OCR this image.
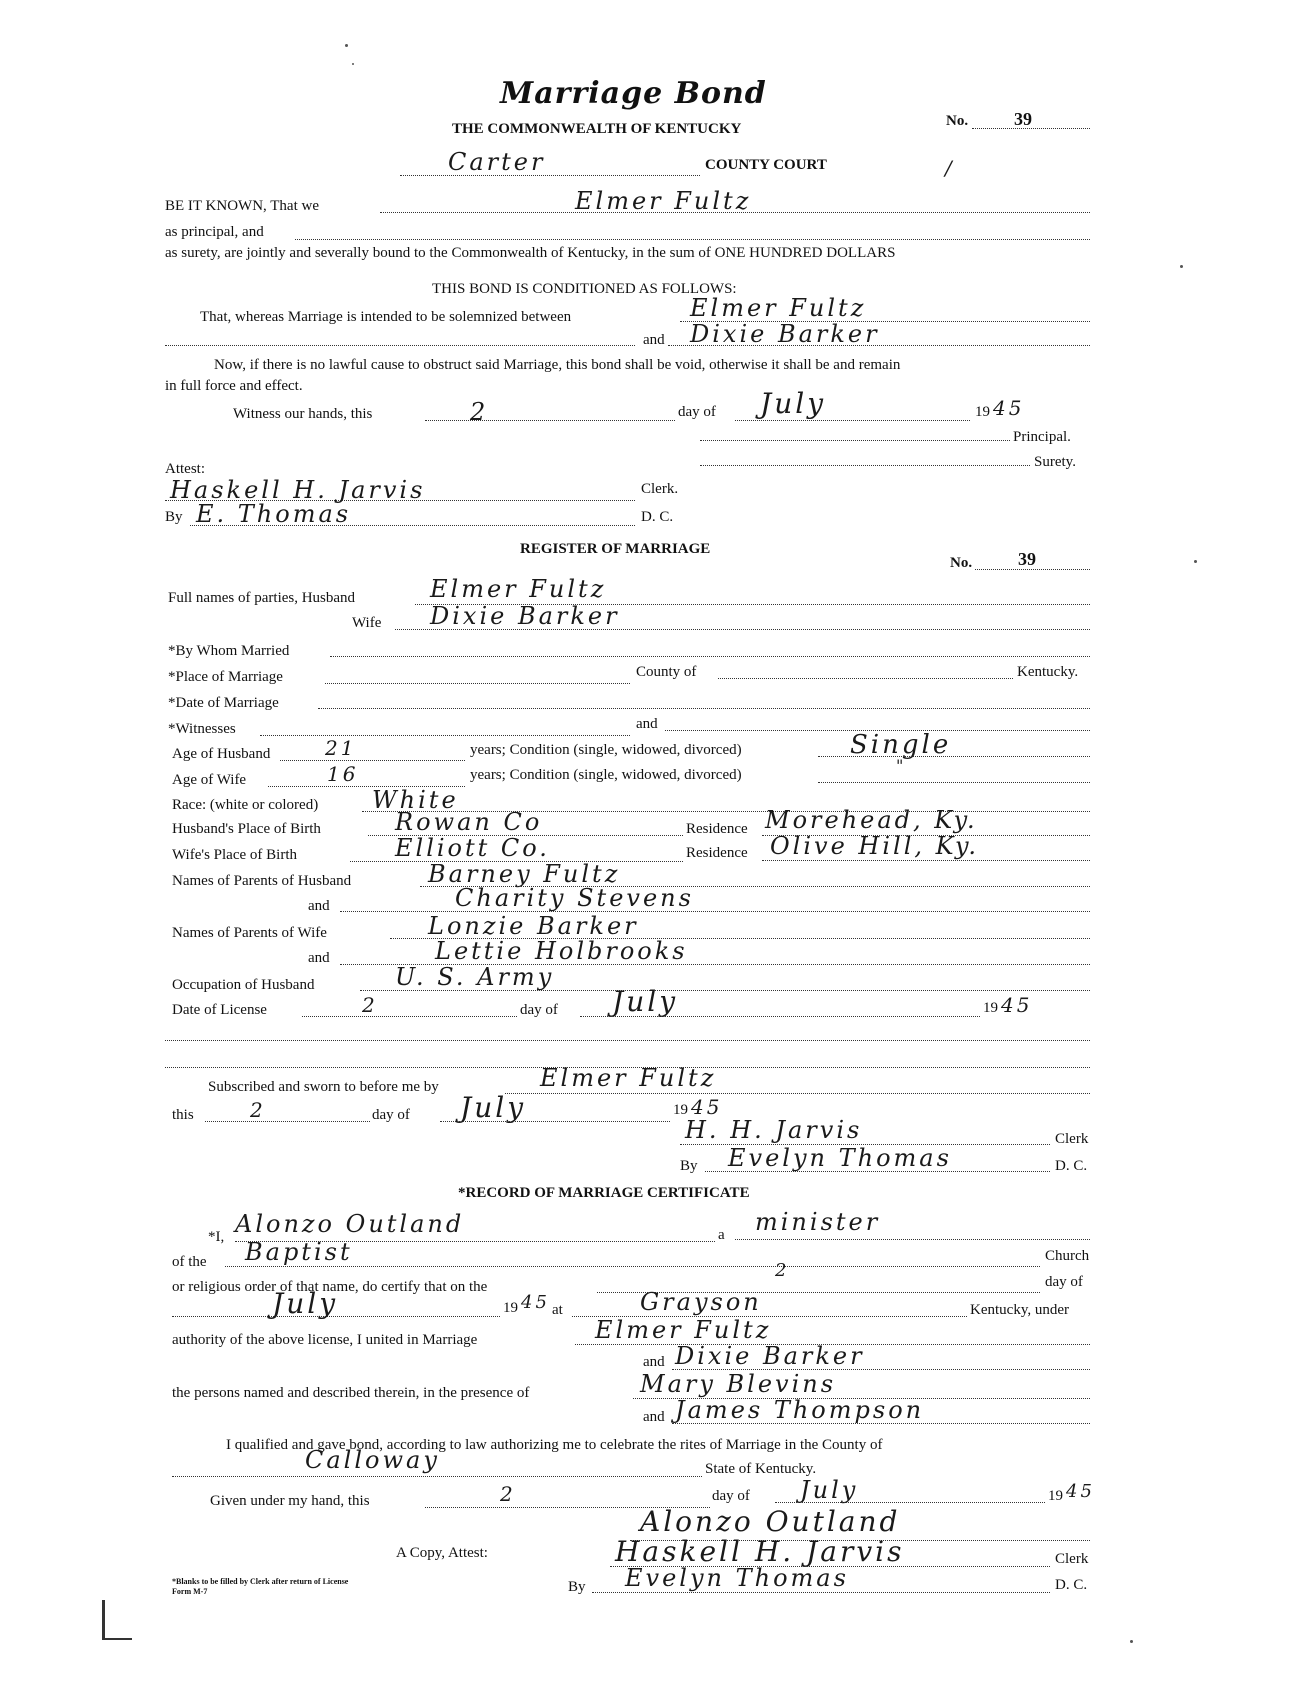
Marriage Bond
THE COMMONWEALTH OF KENTUCKY	No.	39
Carter	COUNTY COURT	/
BE IT KNOWN, That we	Elmer Fultz
as principal, and
as surety, are jointly and severally bound to the Commonwealth of Kentucky, in the sum of ONE HUNDRED DOLLARS
THIS BOND IS CONDITIONED AS FOLLOWS:
That, whereas Marriage is intended to be solemnized between	Elmer Fultz
and Dixie Barker
Now, if there is no lawful cause to obstruct said Marriage, this bond shall be void, otherwise it shall be and remain
in full force and effect.
Witness our hands, this	2	day of July	19 45
Principal.
Surety.
Attest:
Haskell H. Jarvis	Clerk.
By E. Thomas	D. C.
REGISTER OF MARRIAGE
No.	39
Full names of parties, Husband	Elmer Fultz
Wife Dixie Barker
*By Whom Married
*Place of Marriage	County of	Kentucky.
*Date of Marriage
*Witnesses	and
Age of Husband	21	years; Condition (single, widowed, divorced)	Single
Age of Wife	16	years; Condition (single, widowed, divorced)	"
Race: (white or colored) White
Husband's Place of Birth	Rowan Co	Residence Morehead, Ky.
Wife's Place of Birth	Elliott Co.	Residence Olive Hill, Ky.
Names of Parents of Husband	Barney Fultz
and	Charity Stevens
Names of Parents of Wife	Lonzie Barker
and	Lettie Holbrooks
Occupation of Husband	U. S. Army
Date of License	2	day of July	19 45
Subscribed and sworn to before me by	Elmer Fultz
this	2	day of July	19 45
H. H. Jarvis	Clerk
By Evelyn Thomas	D. C.
*RECORD OF MARRIAGE CERTIFICATE
*I, Alonzo Outland	a minister
of the Baptist	Church
or religious order of that name, do certify that on the
2
day of
July	19 45 at	Grayson	Kentucky, under
authority of the above license, I united in Marriage	Elmer Fultz
and Dixie Barker
the persons named and described therein, in the presence of	Mary Blevins
and James Thompson
I qualified and gave bond, according to law authorizing me to celebrate the rites of Marriage in the County of
Calloway	State of Kentucky.
Given under my hand, this	2	day of July	19 45
Alonzo Outland
A Copy, Attest:	Haskell H. Jarvis	Clerk
By Evelyn Thomas	D. C.
*Blanks to be filled by Clerk after return of License
Form M-7
